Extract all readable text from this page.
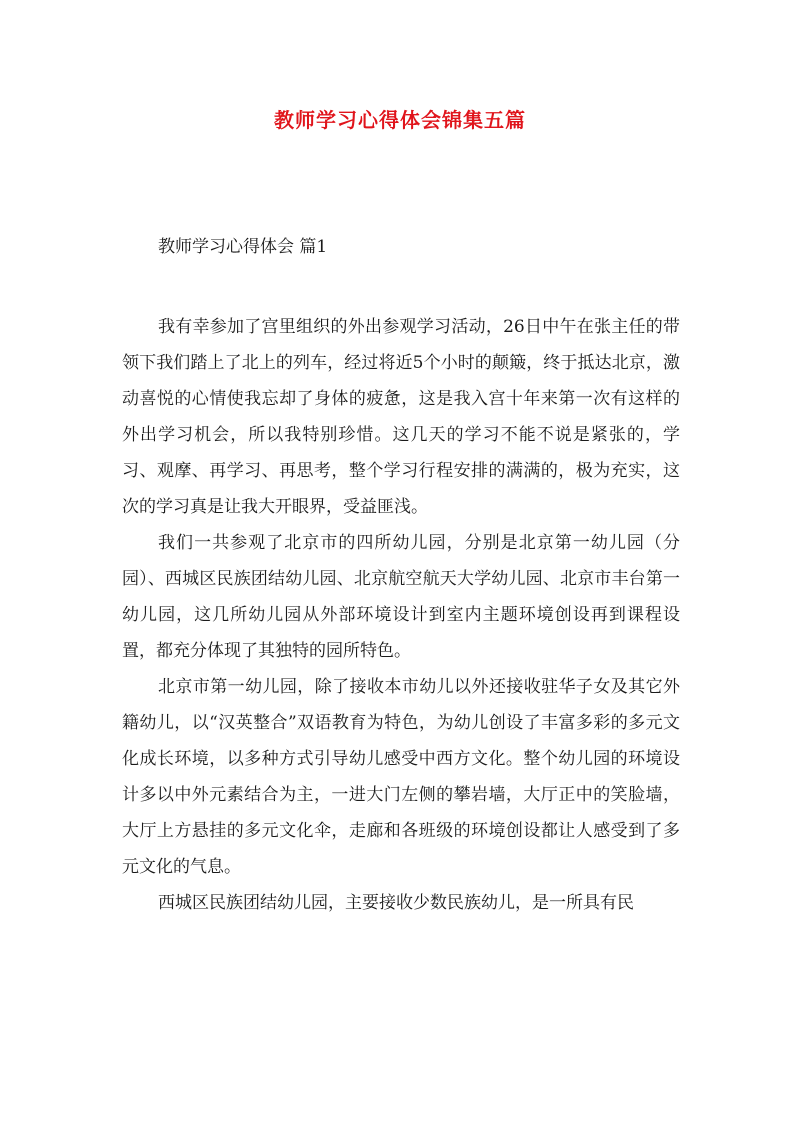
教师学习心得体会锦集五篇
教师学习心得体会 篇1

我有幸参加了宫里组织的外出参观学习活动，26日中午在张主任的带领下我们踏上了北上的列车，经过将近5个小时的颠簸，终于抵达北京，激动喜悦的心情使我忘却了身体的疲惫，这是我入宫十年来第一次有这样的外出学习机会，所以我特别珍惜。这几天的学习不能不说是紧张的，学习、观摩、再学习、再思考，整个学习行程安排的满满的，极为充实，这次的学习真是让我大开眼界，受益匪浅。

我们一共参观了北京市的四所幼儿园，分别是北京第一幼儿园（分园）、西城区民族团结幼儿园、北京航空航天大学幼儿园、北京市丰台第一幼儿园，这几所幼儿园从外部环境设计到室内主题环境创设再到课程设置，都充分体现了其独特的园所特色。

北京市第一幼儿园，除了接收本市幼儿以外还接收驻华子女及其它外籍幼儿，以“汉英整合”双语教育为特色，为幼儿创设了丰富多彩的多元文化成长环境，以多种方式引导幼儿感受中西方文化。整个幼儿园的环境设计多以中外元素结合为主，一进大门左侧的攀岩墙，大厅正中的笑脸墙，大厅上方悬挂的多元文化伞，走廊和各班级的环境创设都让人感受到了多元文化的气息。

西城区民族团结幼儿园，主要接收少数民族幼儿，是一所具有民
